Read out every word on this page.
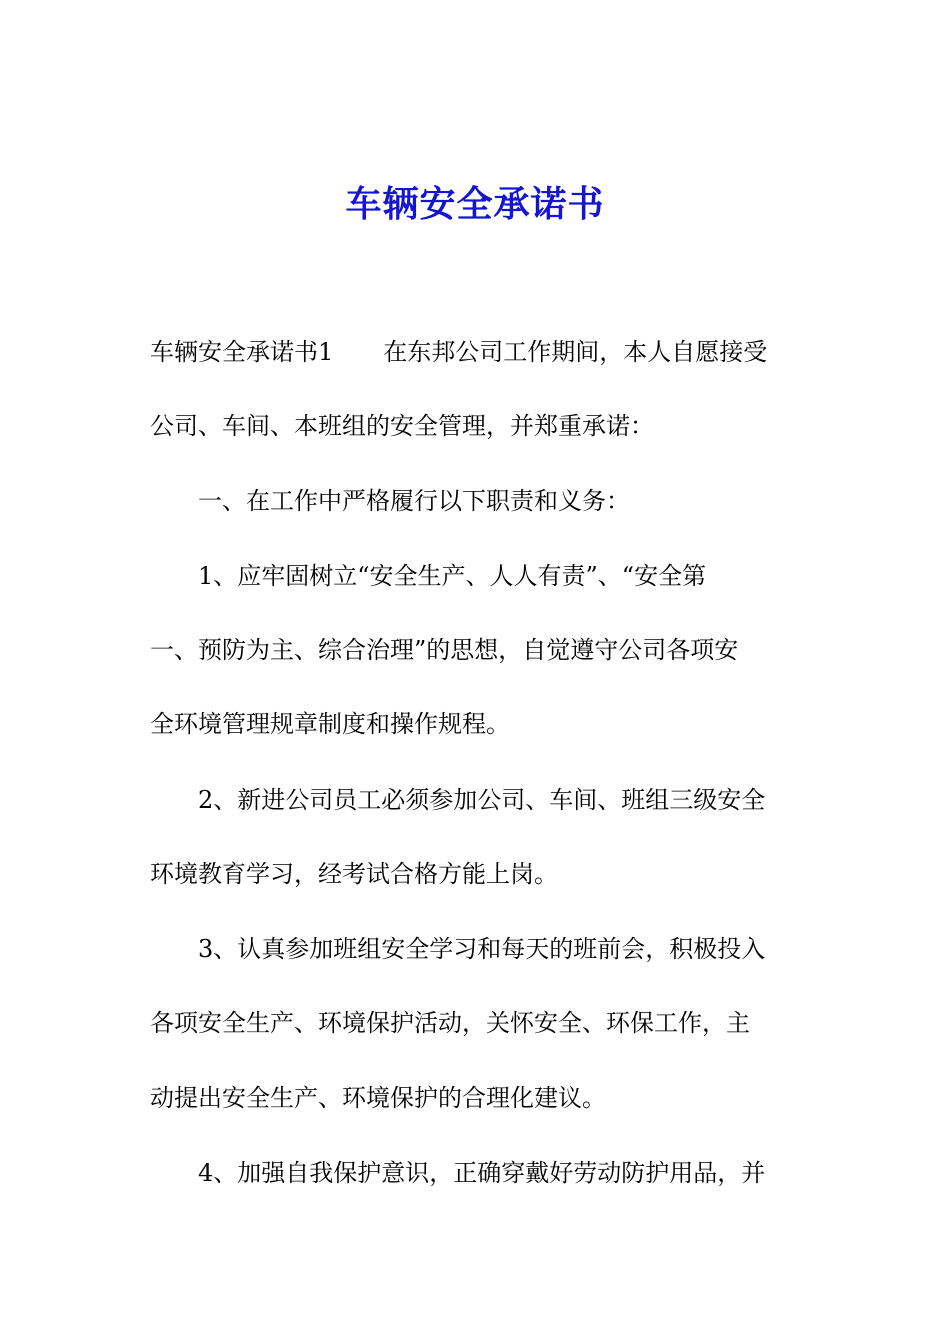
车辆安全承诺书
车辆安全承诺书1 在东邦公司工作期间，本人自愿接受
公司、车间、本班组的安全管理，并郑重承诺：
一、在工作中严格履行以下职责和义务：
1、应牢固树立“安全生产、人人有责”、“安全第
一、预防为主、综合治理”的思想，自觉遵守公司各项安
全环境管理规章制度和操作规程。
2、新进公司员工必须参加公司、车间、班组三级安全
环境教育学习，经考试合格方能上岗。
3、认真参加班组安全学习和每天的班前会，积极投入
各项安全生产、环境保护活动，关怀安全、环保工作，主
动提出安全生产、环境保护的合理化建议。
4、加强自我保护意识，正确穿戴好劳动防护用品，并
